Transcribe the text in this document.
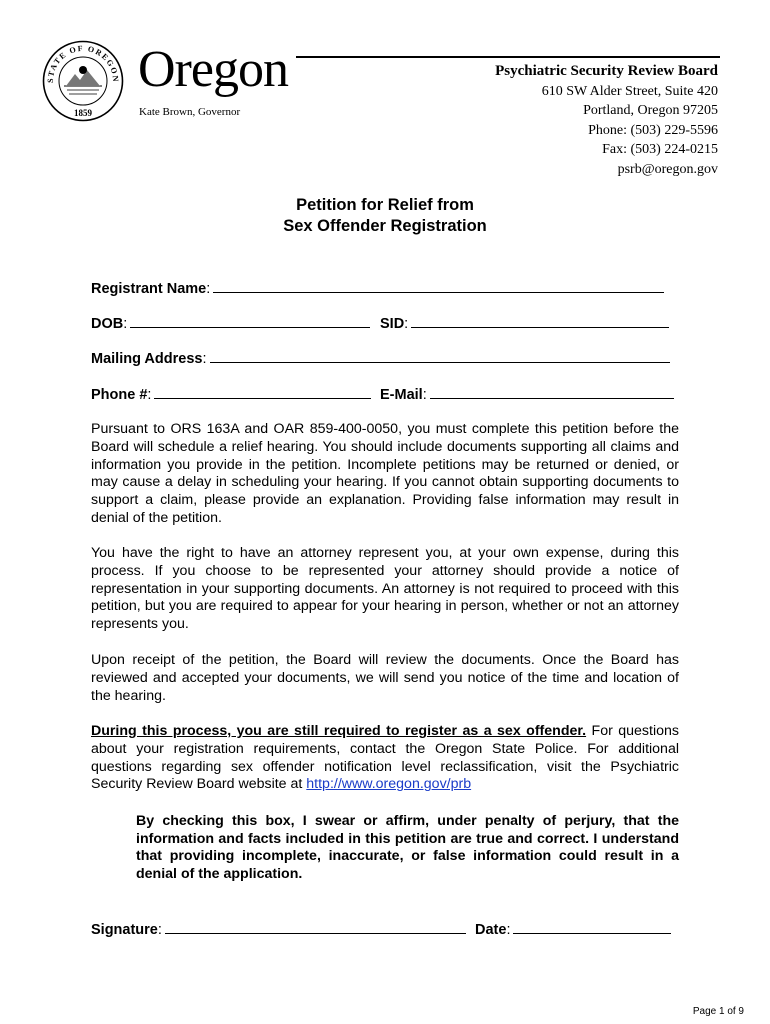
STATE OF OREGON
1859
Oregon
Kate Brown, Governor
Psychiatric Security Review Board
610 SW Alder Street, Suite 420
Portland, Oregon 97205
Phone: (503) 229-5596
Fax: (503) 224-0215
psrb@oregon.gov
Petition for Relief from
Sex Offender Registration
Registrant Name:
DOB:	SID:
Mailing Address:
Phone #:	E-Mail:

Pursuant to ORS 163A and OAR 859-400-0050, you must complete this petition before the Board will schedule a relief hearing. You should include documents supporting all claims and information you provide in the petition. Incomplete petitions may be returned or denied, or may cause a delay in scheduling your hearing. If you cannot obtain supporting documents to support a claim, please provide an explanation. Providing false information may result in denial of the petition.

You have the right to have an attorney represent you, at your own expense, during this process. If you choose to be represented your attorney should provide a notice of representation in your supporting documents. An attorney is not required to proceed with this petition, but you are required to appear for your hearing in person, whether or not an attorney represents you.

Upon receipt of the petition, the Board will review the documents. Once the Board has reviewed and accepted your documents, we will send you notice of the time and location of the hearing.

During this process, you are still required to register as a sex offender. For questions about your registration requirements, contact the Oregon State Police. For additional questions regarding sex offender notification level reclassification, visit the Psychiatric Security Review Board website at http://www.oregon.gov/prb

By checking this box, I swear or affirm, under penalty of perjury, that the information and facts included in this petition are true and correct. I understand that providing incomplete, inaccurate, or false information could result in a denial of the application.

Signature:	Date:
Page 1 of 9
